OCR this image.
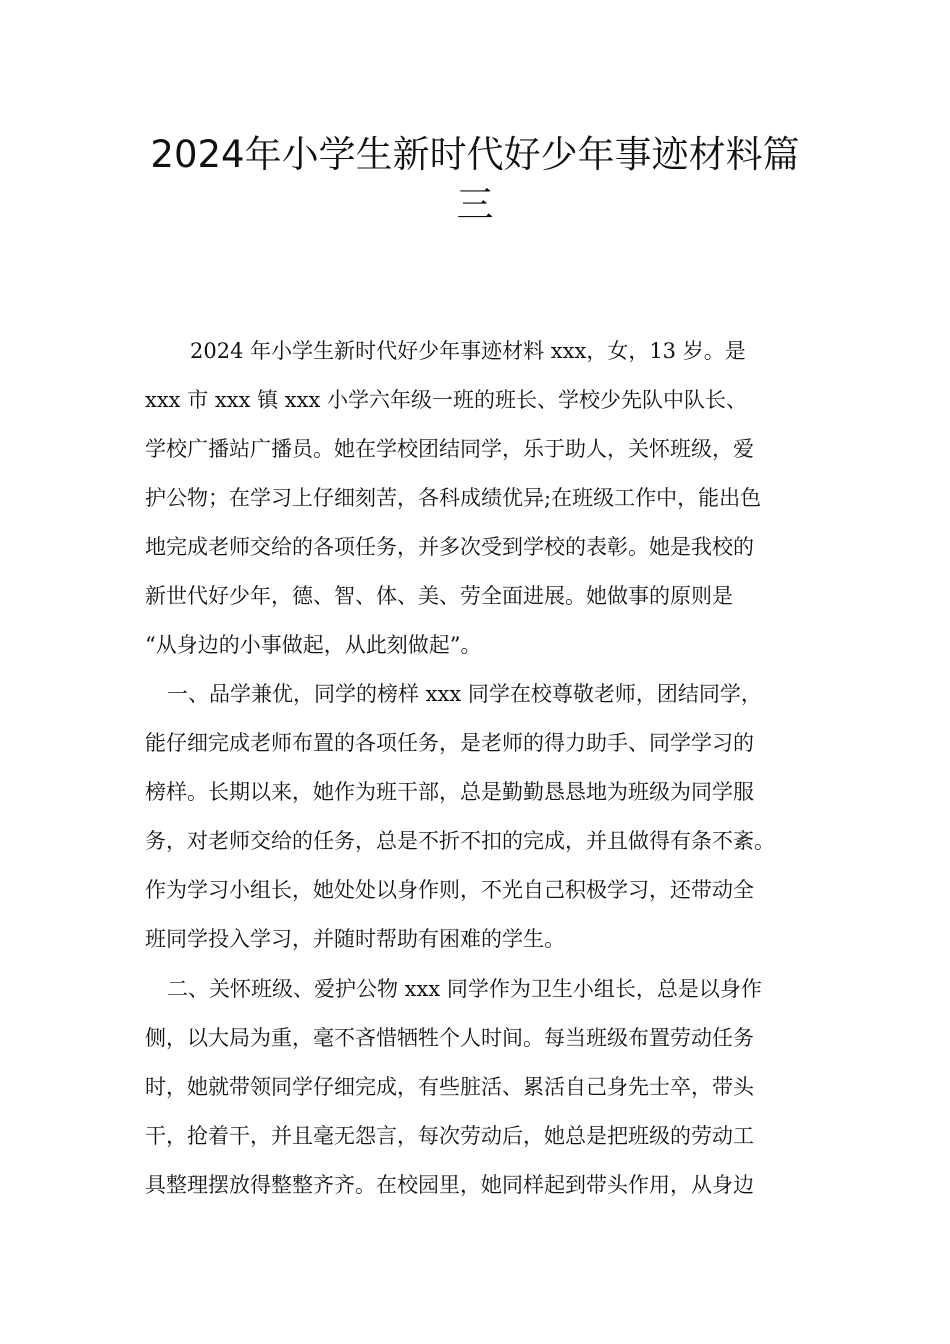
2024年小学生新时代好少年事迹材料篇
三
2024 年小学生新时代好少年事迹材料 xxx，女，13 岁。是
xxx 市 xxx 镇 xxx 小学六年级一班的班长、学校少先队中队长、
学校广播站广播员。她在学校团结同学，乐于助人，关怀班级，爱
护公物；在学习上仔细刻苦，各科成绩优异;在班级工作中，能出色
地完成老师交给的各项任务，并多次受到学校的表彰。她是我校的
新世代好少年，德、智、体、美、劳全面进展。她做事的原则是
“从身边的小事做起，从此刻做起”。
一、品学兼优，同学的榜样 xxx 同学在校尊敬老师，团结同学，
能仔细完成老师布置的各项任务，是老师的得力助手、同学学习的
榜样。长期以来，她作为班干部，总是勤勤恳恳地为班级为同学服
务，对老师交给的任务，总是不折不扣的完成，并且做得有条不紊。
作为学习小组长，她处处以身作则，不光自己积极学习，还带动全
班同学投入学习，并随时帮助有困难的学生。
二、关怀班级、爱护公物 xxx 同学作为卫生小组长，总是以身作
侧，以大局为重，毫不吝惜牺牲个人时间。每当班级布置劳动任务
时，她就带领同学仔细完成，有些脏活、累活自己身先士卒，带头
干，抢着干，并且毫无怨言，每次劳动后，她总是把班级的劳动工
具整理摆放得整整齐齐。在校园里，她同样起到带头作用，从身边
